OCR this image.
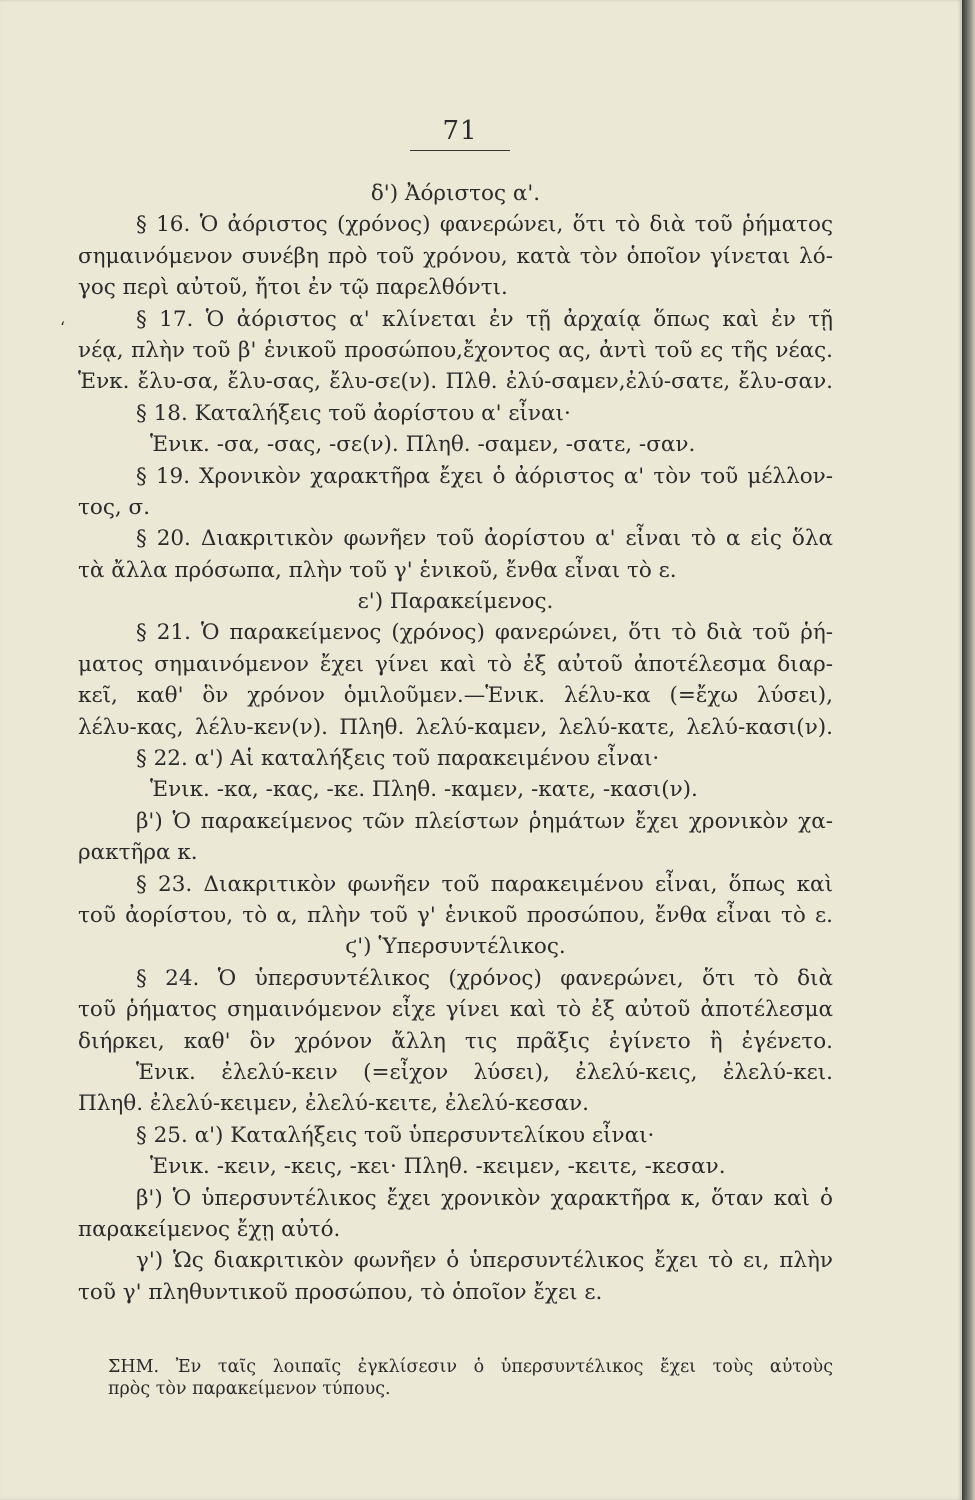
71
ʻ
δ') Ἀόριστος α'.
§ 16. Ὁ ἀόριστος (χρόνος) φανερώνει, ὅτι τὸ διὰ τοῦ ῥήματος
σημαινόμενον συνέβη πρὸ τοῦ χρόνου, κατὰ τὸν ὁποῖον γίνεται λό-
γος περὶ αὐτοῦ, ἤτοι ἐν τῷ παρελθόντι.
§ 17. Ὁ ἀόριστος α' κλίνεται ἐν τῇ ἀρχαίᾳ ὅπως καὶ ἐν τῇ
νέᾳ, πλὴν τοῦ β' ἑνικοῦ προσώπου,ἔχοντος ας, ἀντὶ τοῦ ες τῆς νέας.
Ἑνκ. ἔλυ-σα, ἔλυ-σας, ἔλυ-σε(ν). Πλθ. ἐλύ-σαμεν,ἐλύ-σατε, ἔλυ-σαν.
§ 18. Καταλήξεις τοῦ ἀορίστου α' εἶναι·
Ἑνικ. -σα, -σας, -σε(ν). Πληθ. -σαμεν, -σατε, -σαν.
§ 19. Χρονικὸν χαρακτῆρα ἔχει ὁ ἀόριστος α' τὸν τοῦ μέλλον-
τος, σ.
§ 20. Διακριτικὸν φωνῆεν τοῦ ἀορίστου α' εἶναι τὸ α εἰς ὅλα
τὰ ἄλλα πρόσωπα, πλὴν τοῦ γ' ἑνικοῦ, ἔνθα εἶναι τὸ ε.
ε') Παρακείμενος.
§ 21. Ὁ παρακείμενος (χρόνος) φανερώνει, ὅτι τὸ διὰ τοῦ ῥή-
ματος σημαινόμενον ἔχει γίνει καὶ τὸ ἐξ αὐτοῦ ἀποτέλεσμα διαρ-
κεῖ, καθ' ὃν χρόνον ὁμιλοῦμεν.—Ἑνικ. λέλυ-κα (=ἔχω λύσει),
λέλυ-κας, λέλυ-κεν(ν). Πληθ. λελύ-καμεν, λελύ-κατε, λελύ-κασι(ν).
§ 22. α') Αἱ καταλήξεις τοῦ παρακειμένου εἶναι·
Ἑνικ. -κα, -κας, -κε. Πληθ. -καμεν, -κατε, -κασι(ν).
β') Ὁ παρακείμενος τῶν πλείστων ῥημάτων ἔχει χρονικὸν χα-
ρακτῆρα κ.
§ 23. Διακριτικὸν φωνῆεν τοῦ παρακειμένου εἶναι, ὅπως καὶ
τοῦ ἀορίστου, τὸ α, πλὴν τοῦ γ' ἑνικοῦ προσώπου, ἔνθα εἶναι τὸ ε.
ϛ') Ὑπερσυντέλικος.
§ 24. Ὁ ὑπερσυντέλικος (χρόνος) φανερώνει, ὅτι τὸ διὰ
τοῦ ῥήματος σημαινόμενον εἶχε γίνει καὶ τὸ ἐξ αὐτοῦ ἀποτέλεσμα
διήρκει, καθ' ὃν χρόνον ἄλλη τις πρᾶξις ἐγίνετο ἢ ἐγένετο.
Ἑνικ. ἐλελύ-κειν (=εἶχον λύσει), ἐλελύ-κεις, ἐλελύ-κει.
Πληθ. ἐλελύ-κειμεν, ἐλελύ-κειτε, ἐλελύ-κεσαν.
§ 25. α') Καταλήξεις τοῦ ὑπερσυντελίκου εἶναι·
Ἑνικ. -κειν, -κεις, -κει· Πληθ. -κειμεν, -κειτε, -κεσαν.
β') Ὁ ὑπερσυντέλικος ἔχει χρονικὸν χαρακτῆρα κ, ὅταν καὶ ὁ
παρακείμενος ἔχῃ αὐτό.
γ') Ὡς διακριτικὸν φωνῆεν ὁ ὑπερσυντέλικος ἔχει τὸ ει, πλὴν
τοῦ γ' πληθυντικοῦ προσώπου, τὸ ὁποῖον ἔχει ε.
ΣΗΜ. Ἐν ταῖς λοιπαῖς ἐγκλίσεσιν ὁ ὑπερσυντέλικος ἔχει τοὺς αὐτοὺς
πρὸς τὸν παρακείμενον τύπους.
